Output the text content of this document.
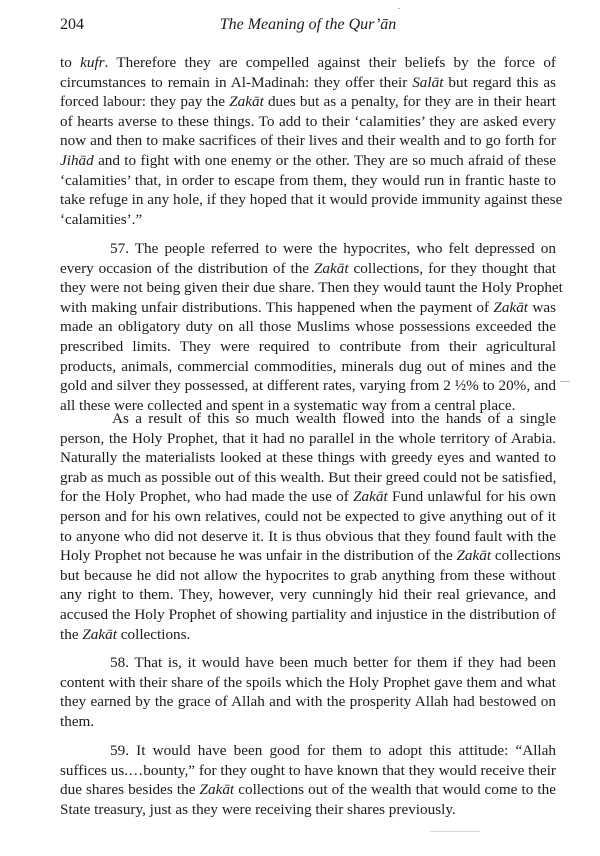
204	The Meaning of the Qur’ān
to kufr. Therefore they are compelled against their beliefs by the force of
circumstances to remain in Al-Madinah: they offer their Salāt but regard this as
forced labour: they pay the Zakāt dues but as a penalty, for they are in their heart
of hearts averse to these things. To add to their ‘calamities’ they are asked every
now and then to make sacrifices of their lives and their wealth and to go forth for
Jihād and to fight with one enemy or the other. They are so much afraid of these
‘calamities’ that, in order to escape from them, they would run in frantic haste to
take refuge in any hole, if they hoped that it would provide immunity against these
‘calamities’.”
57. The people referred to were the hypocrites, who felt depressed on
every occasion of the distribution of the Zakāt collections, for they thought that
they were not being given their due share. Then they would taunt the Holy Prophet
with making unfair distributions. This happened when the payment of Zakāt was
made an obligatory duty on all those Muslims whose possessions exceeded the
prescribed limits. They were required to contribute from their agricultural
products, animals, commercial commodities, minerals dug out of mines and the
gold and silver they possessed, at different rates, varying from 2 ½% to 20%, and
all these were collected and spent in a systematic way from a central place.
As a result of this so much wealth flowed into the hands of a single
person, the Holy Prophet, that it had no parallel in the whole territory of Arabia.
Naturally the materialists looked at these things with greedy eyes and wanted to
grab as much as possible out of this wealth. But their greed could not be satisfied,
for the Holy Prophet, who had made the use of Zakāt Fund unlawful for his own
person and for his own relatives, could not be expected to give anything out of it
to anyone who did not deserve it. It is thus obvious that they found fault with the
Holy Prophet not because he was unfair in the distribution of the Zakāt collections
but because he did not allow the hypocrites to grab anything from these without
any right to them. They, however, very cunningly hid their real grievance, and
accused the Holy Prophet of showing partiality and injustice in the distribution of
the Zakāt collections.
58. That is, it would have been much better for them if they had been
content with their share of the spoils which the Holy Prophet gave them and what
they earned by the grace of Allah and with the prosperity Allah had bestowed on
them.
59. It would have been good for them to adopt this attitude: “Allah
suffices us.…bounty,” for they ought to have known that they would receive their
due shares besides the Zakāt collections out of the wealth that would come to the
State treasury, just as they were receiving their shares previously.
